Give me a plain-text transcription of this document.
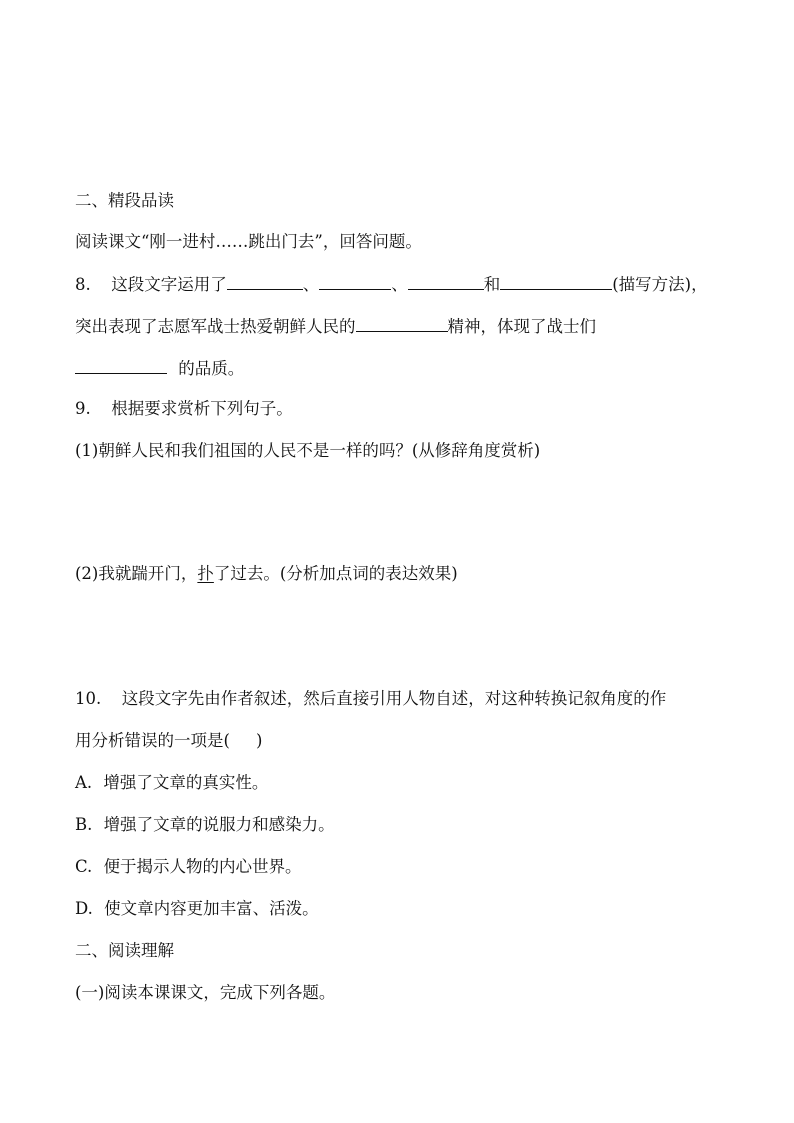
二、精段品读
阅读课文“刚一进村……跳出门去”，回答问题。
8. 这段文字运用了	、	、	和	(描写方法)，
突出表现了志愿军战士热爱朝鲜人民的	精神，体现了战士们
的品质。
9. 根据要求赏析下列句子。
(1)朝鲜人民和我们祖国的人民不是一样的吗？(从修辞角度赏析)
(2)我就踹开门，扑了过去。(分析加点词的表达效果)
10. 这段文字先由作者叙述，然后直接引用人物自述，对这种转换记叙角度的作
用分析错误的一项是( )
A. 增强了文章的真实性。
B. 增强了文章的说服力和感染力。
C. 便于揭示人物的内心世界。
D. 使文章内容更加丰富、活泼。
二、阅读理解
(一)阅读本课课文，完成下列各题。
